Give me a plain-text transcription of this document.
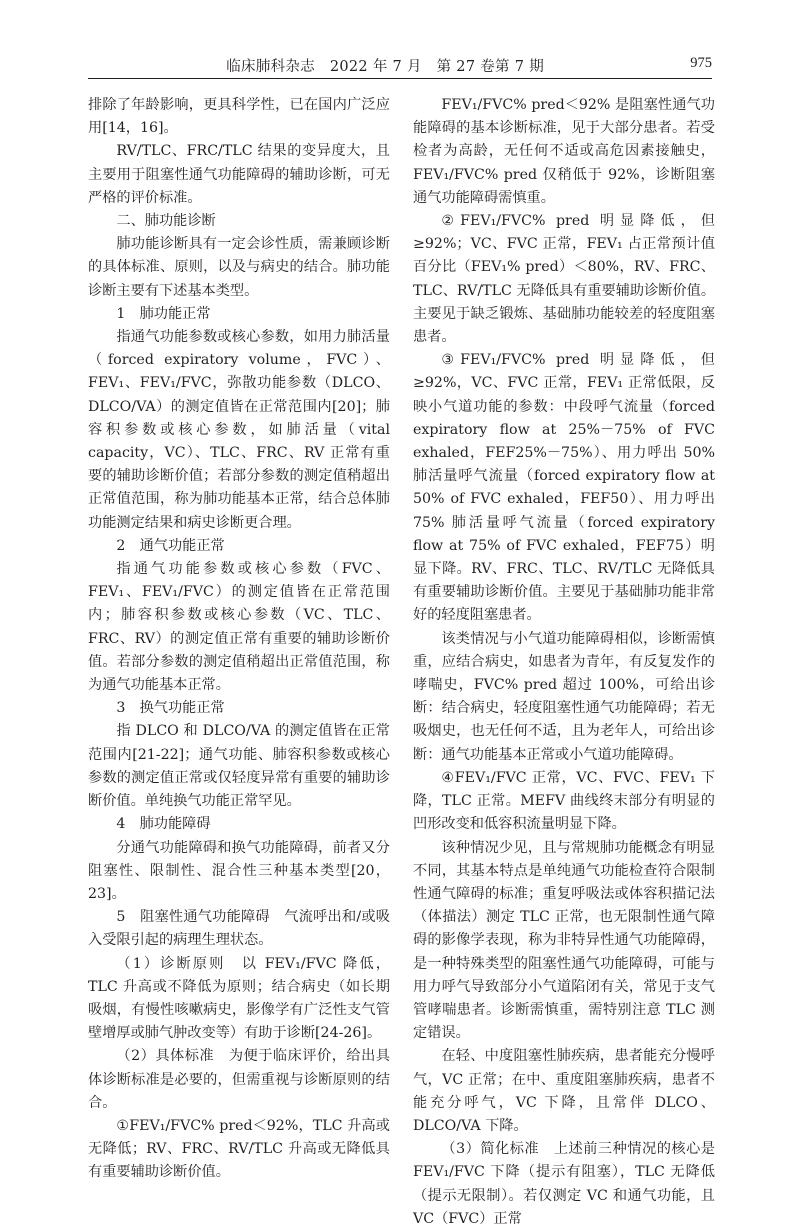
临床肺科杂志　2022 年 7 月　第 27 卷第 7 期	975

排除了年龄影响，更具科学性，已在国内广泛应用[14，16]。

RV/TLC、FRC/TLC 结果的变异度大，且主要用于阻塞性通气功能障碍的辅助诊断，可无严格的评价标准。

二、肺功能诊断

肺功能诊断具有一定会诊性质，需兼顾诊断的具体标准、原则，以及与病史的结合。肺功能诊断主要有下述基本类型。

1　肺功能正常

指通气功能参数或核心参数，如用力肺活量（forced expiratory volume，FVC）、FEV₁、FEV₁/FVC，弥散功能参数（DLCO、DLCO/VA）的测定值皆在正常范围内[20]；肺容积参数或核心参数，如肺活量（vital capacity，VC）、TLC、FRC、RV 正常有重要的辅助诊断价值；若部分参数的测定值稍超出正常值范围，称为肺功能基本正常，结合总体肺功能测定结果和病史诊断更合理。

2　通气功能正常

指通气功能参数或核心参数（FVC、FEV₁、FEV₁/FVC）的测定值皆在正常范围内；肺容积参数或核心参数（VC、TLC、FRC、RV）的测定值正常有重要的辅助诊断价值。若部分参数的测定值稍超出正常值范围，称为通气功能基本正常。

3　换气功能正常

指 DLCO 和 DLCO/VA 的测定值皆在正常范围内[21-22]；通气功能、肺容积参数或核心参数的测定值正常或仅轻度异常有重要的辅助诊断价值。单纯换气功能正常罕见。

4　肺功能障碍

分通气功能障碍和换气功能障碍，前者又分阻塞性、限制性、混合性三种基本类型[20，23]。

5　阻塞性通气功能障碍　气流呼出和/或吸入受限引起的病理生理状态。

（1）诊断原则　以 FEV₁/FVC 降低，TLC 升高或不降低为原则；结合病史（如长期吸烟，有慢性咳嗽病史，影像学有广泛性支气管壁增厚或肺气肿改变等）有助于诊断[24-26]。

（2）具体标准　为便于临床评价，给出具体诊断标准是必要的，但需重视与诊断原则的结合。

①FEV₁/FVC% pred＜92%，TLC 升高或无降低；RV、FRC、RV/TLC 升高或无降低具有重要辅助诊断价值。

FEV₁/FVC% pred＜92% 是阻塞性通气功能障碍的基本诊断标准，见于大部分患者。若受检者为高龄，无任何不适或高危因素接触史，FEV₁/FVC% pred 仅稍低于 92%，诊断阻塞通气功能障碍需慎重。

②FEV₁/FVC% pred 明显降低，但≥92%；VC、FVC 正常，FEV₁ 占正常预计值百分比（FEV₁% pred）＜80%，RV、FRC、TLC、RV/TLC 无降低具有重要辅助诊断价值。主要见于缺乏锻炼、基础肺功能较差的轻度阻塞患者。

③FEV₁/FVC% pred 明显降低，但≥92%，VC、FVC 正常，FEV₁ 正常低限，反映小气道功能的参数：中段呼气流量（forced expiratory flow at 25%－75% of FVC exhaled，FEF25%－75%）、用力呼出 50% 肺活量呼气流量（forced expiratory flow at 50% of FVC exhaled，FEF50）、用力呼出 75% 肺活量呼气流量（forced expiratory flow at 75% of FVC exhaled，FEF75）明显下降。RV、FRC、TLC、RV/TLC 无降低具有重要辅助诊断价值。主要见于基础肺功能非常好的轻度阻塞患者。

该类情况与小气道功能障碍相似，诊断需慎重，应结合病史，如患者为青年，有反复发作的哮喘史，FVC% pred 超过 100%，可给出诊断：结合病史，轻度阻塞性通气功能障碍；若无吸烟史，也无任何不适，且为老年人，可给出诊断：通气功能基本正常或小气道功能障碍。

④FEV₁/FVC 正常，VC、FVC、FEV₁ 下降，TLC 正常。MEFV 曲线终末部分有明显的凹形改变和低容积流量明显下降。

该种情况少见，且与常规肺功能概念有明显不同，其基本特点是单纯通气功能检查符合限制性通气障碍的标准；重复呼吸法或体容积描记法（体描法）测定 TLC 正常，也无限制性通气障碍的影像学表现，称为非特异性通气功能障碍，是一种特殊类型的阻塞性通气功能障碍，可能与用力呼气导致部分小气道陷闭有关，常见于支气管哮喘患者。诊断需慎重，需特别注意 TLC 测定错误。

在轻、中度阻塞性肺疾病，患者能充分慢呼气，VC 正常；在中、重度阻塞肺疾病，患者不能充分呼气，VC 下降，且常伴 DLCO、DLCO/VA 下降。

（3）简化标准　上述前三种情况的核心是 FEV₁/FVC 下降（提示有阻塞），TLC 无降低（提示无限制）。若仅测定 VC 和通气功能，且 VC（FVC）正常
